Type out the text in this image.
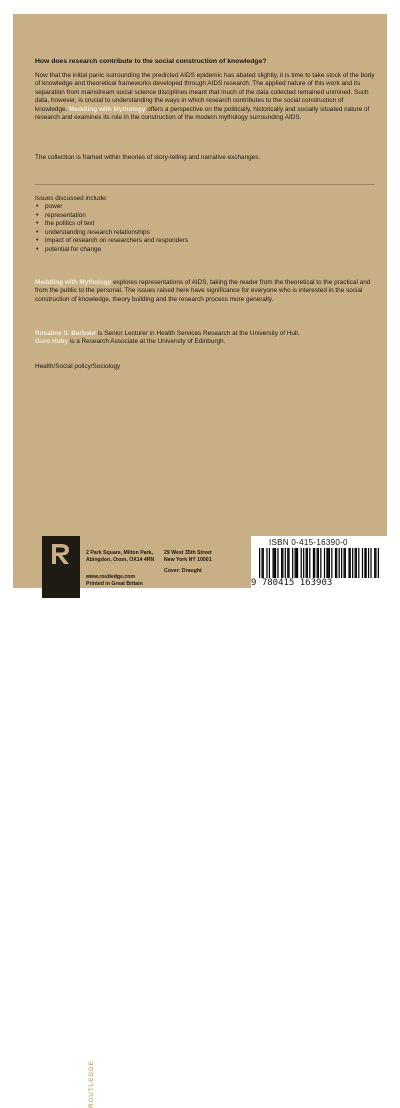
How does research contribute to the social construction of knowledge?
Now that the initial panic surrounding the predicted AIDS epidemic has abated slightly, it is time to take stock of the body of knowledge and theoretical frameworks developed through AIDS research. The applied nature of this work and its separation from mainstream social science disciplines meant that much of the data collected remained unmined. Such data, however, is crucial to understanding the ways in which research contributes to the social construction of knowledge. Meddling with Mythology offers a perspective on the politically, historically and socially situated nature of research and examines its role in the construction of the modern mythology surrounding AIDS.
The collection is framed within theories of story-telling and narrative exchanges.
Issues discussed include:
• power
• representation
• the politics of text
• understanding research relationships
• impact of research on researchers and responders
• potential for change
Meddling with Mythology explores representations of AIDS, taking the reader from the theoretical to the practical and from the public to the personal. The issues raised here have significance for everyone who is interested in the social construction of knowledge, theory building and the research process more generally.
Rosaline S. Barbour is Senior Lecturer in Health Services Research at the University of Hull.
Guro Huby is a Research Associate at the University of Edinburgh.
Health/Social policy/Sociology
ROUTLEDGE
2 Park Square, Milton Park,
Abingdon, Oxon, OX14 4RN
29 West 35th Street
New York NY 10001
www.routledge.com
Printed in Great Britain
Cover: Draught
ISBN 0-415-16390-0
9 780415 163903
